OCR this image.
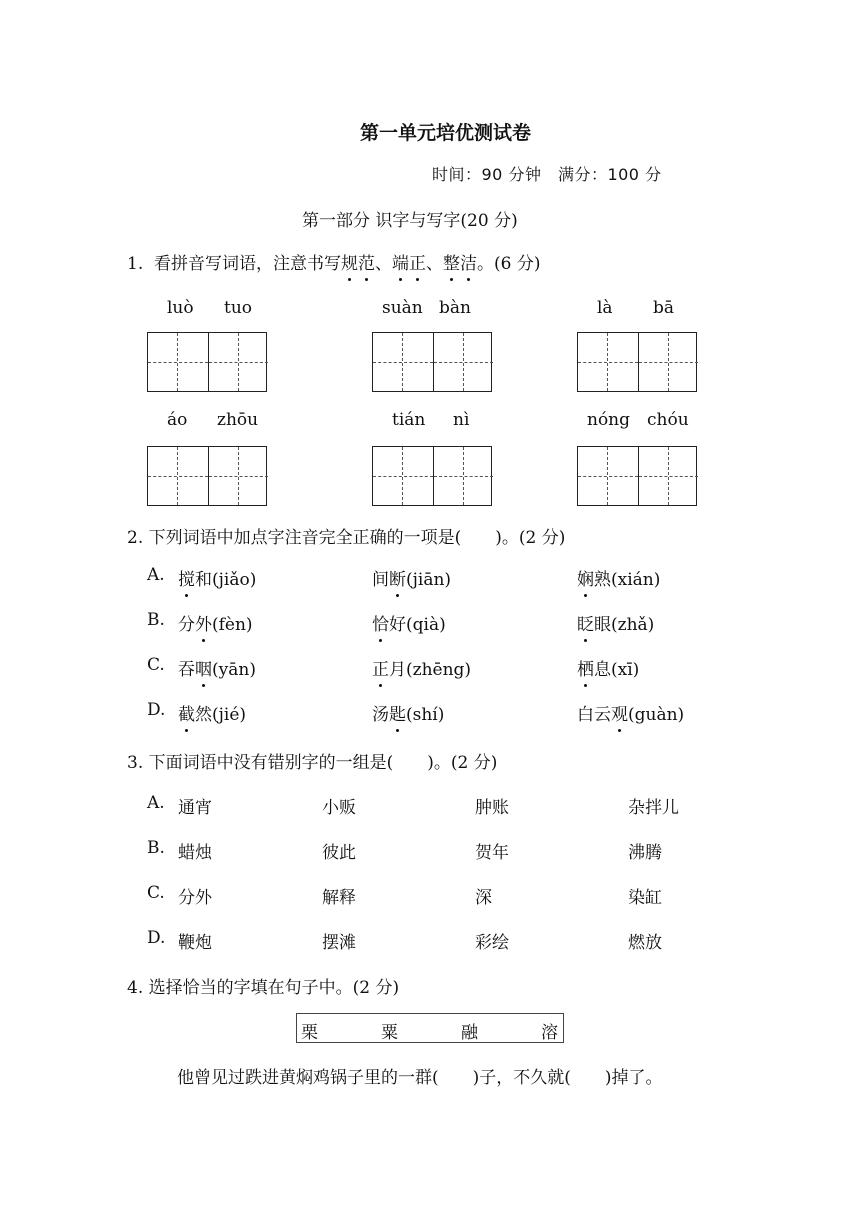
第一单元培优测试卷
时间：90 分钟　满分：100 分
第一部分 识字与写字(20 分)
1. 看拼音写词语，注意书写规范、端正、整洁。(6 分)
luò tuo	suàn bàn	là bā
áo zhōu	tián nì	nóng chóu
2. 下列词语中加点字注音完全正确的一项是(　　)。(2 分)
A. 搅和(jiǎo)	间断(jiān)	娴熟(xián)
B. 分外(fèn)	恰好(qià)	眨眼(zhǎ)
C. 吞咽(yān)	正月(zhēng)	栖息(xī)
D. 截然(jié)	汤匙(shí)	白云观(guàn)
3. 下面词语中没有错别字的一组是(　　)。(2 分)
A. 通宵	小贩	肿账	杂拌儿
B. 蜡烛	彼此	贺年	沸腾
C. 分外	解释	深	染缸
D. 鞭炮	摆滩	彩绘	燃放
4. 选择恰当的字填在句子中。(2 分)
栗	粟	融	溶
他曾见过跌进黄焖鸡锅子里的一群(　　)子，不久就(　　)掉了。
